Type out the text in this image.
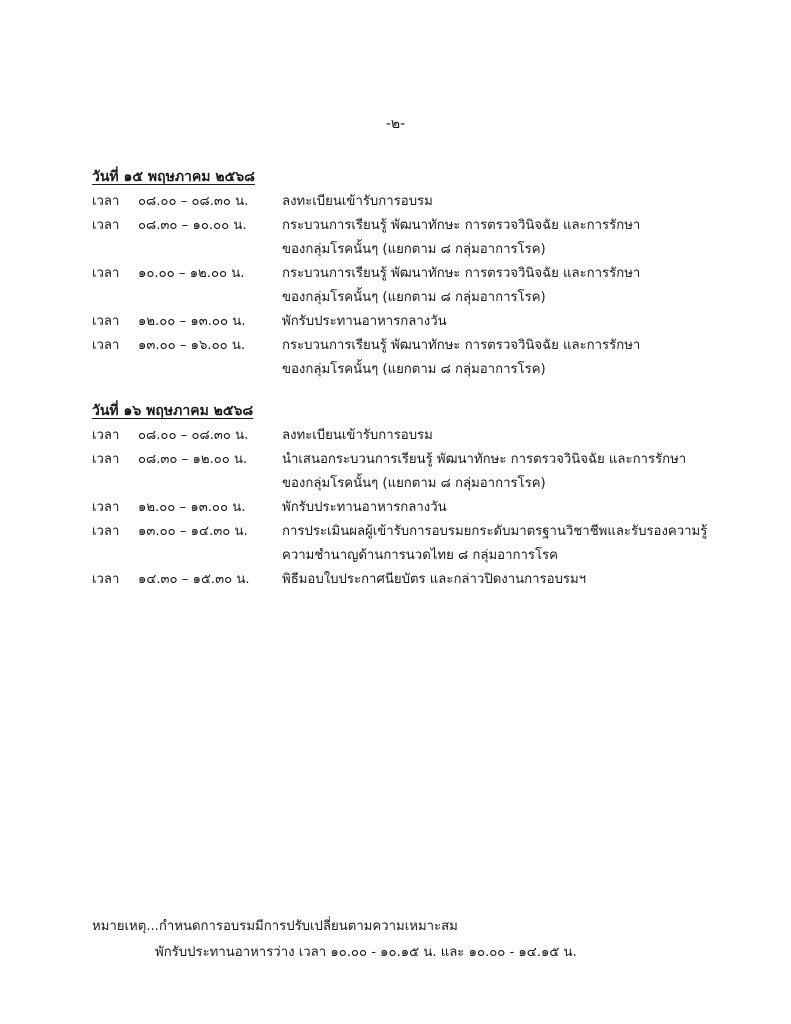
-๒-
วันที่ ๑๕ พฤษภาคม ๒๕๖๘
เวลา ๐๘.๐๐ – ๐๘.๓๐ น.	ลงทะเบียนเข้ารับการอบรม
เวลา ๐๘.๓๐ – ๑๐.๐๐ น.	กระบวนการเรียนรู้ พัฒนาทักษะ การตรวจวินิจฉัย และการรักษา
ของกลุ่มโรคนั้นๆ (แยกตาม ๘ กลุ่มอาการโรค)
เวลา ๑๐.๐๐ – ๑๒.๐๐ น.	กระบวนการเรียนรู้ พัฒนาทักษะ การตรวจวินิจฉัย และการรักษา
ของกลุ่มโรคนั้นๆ (แยกตาม ๘ กลุ่มอาการโรค)
เวลา ๑๒.๐๐ – ๑๓.๐๐ น.	พักรับประทานอาหารกลางวัน
เวลา ๑๓.๐๐ – ๑๖.๐๐ น.	กระบวนการเรียนรู้ พัฒนาทักษะ การตรวจวินิจฉัย และการรักษา
ของกลุ่มโรคนั้นๆ (แยกตาม ๘ กลุ่มอาการโรค)
วันที่ ๑๖ พฤษภาคม ๒๕๖๘
เวลา ๐๘.๐๐ – ๐๘.๓๐ น.	ลงทะเบียนเข้ารับการอบรม
เวลา ๐๘.๓๐ – ๑๒.๐๐ น.	นำเสนอกระบวนการเรียนรู้ พัฒนาทักษะ การตรวจวินิจฉัย และการรักษา
ของกลุ่มโรคนั้นๆ (แยกตาม ๘ กลุ่มอาการโรค)
เวลา ๑๒.๐๐ – ๑๓.๐๐ น.	พักรับประทานอาหารกลางวัน
เวลา ๑๓.๐๐ – ๑๔.๓๐ น.	การประเมินผลผู้เข้ารับการอบรมยกระดับมาตรฐานวิชาชีพและรับรองความรู้
ความชำนาญด้านการนวดไทย ๘ กลุ่มอาการโรค
เวลา ๑๔.๓๐ – ๑๕.๓๐ น. พิธีมอบใบประกาศนียบัตร และกล่าวปิดงานการอบรมฯ
หมายเหตุ...กำหนดการอบรมมีการปรับเปลี่ยนตามความเหมาะสม
พักรับประทานอาหารว่าง เวลา ๑๐.๐๐ - ๑๐.๑๕ น. และ ๑๐.๐๐ - ๑๔.๑๕ น.
